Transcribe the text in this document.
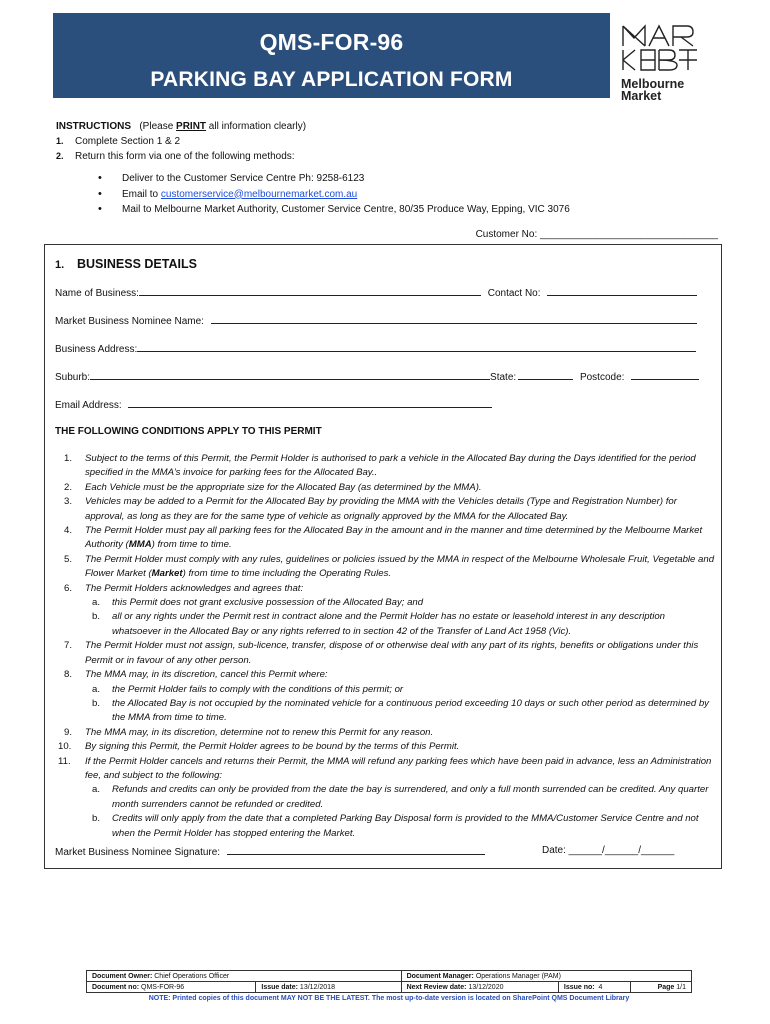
QMS-FOR-96
PARKING BAY APPLICATION FORM	Melbourne
Market
INSTRUCTIONS (Please PRINT all information clearly)
1. Complete Section 1 & 2
2. Return this form via one of the following methods:
• Deliver to the Customer Service Centre Ph: 9258-6123
• Email to customerservice@melbournemarket.com.au
• Mail to Melbourne Market Authority, Customer Service Centre, 80/35 Produce Way, Epping, VIC 3076
Customer No: ________________________________
1. BUSINESS DETAILS
Name of Business:	Contact No:
Market Business Nominee Name:
Business Address:
Suburb:	State:	Postcode:
Email Address:
THE FOLLOWING CONDITIONS APPLY TO THIS PERMIT
1. Subject to the terms of this Permit, the Permit Holder is authorised to park a vehicle in the Allocated Bay during the Days identified for the period specified in the MMA’s invoice for parking fees for the Allocated Bay..
2. Each Vehicle must be the appropriate size for the Allocated Bay (as determined by the MMA).
3. Vehicles may be added to a Permit for the Allocated Bay by providing the MMA with the Vehicles details (Type and Registration Number) for approval, as long as they are for the same type of vehicle as orignally approved by the MMA for the Allocated Bay.
4. The Permit Holder must pay all parking fees for the Allocated Bay in the amount and in the manner and time determined by the Melbourne Market Authority (MMA) from time to time.
5. The Permit Holder must comply with any rules, guidelines or policies issued by the MMA in respect of the Melbourne Wholesale Fruit, Vegetable and Flower Market (Market) from time to time including the Operating Rules.
6. The Permit Holders acknowledges and agrees that:
a. this Permit does not grant exclusive possession of the Allocated Bay; and
b. all or any rights under the Permit rest in contract alone and the Permit Holder has no estate or leasehold interest in any description whatsoever in the Allocated Bay or any rights referred to in section 42 of the Transfer of Land Act 1958 (Vic).
7. The Permit Holder must not assign, sub-licence, transfer, dispose of or otherwise deal with any part of its rights, benefits or obligations under this Permit or in favour of any other person.
8. The MMA may, in its discretion, cancel this Permit where:
a. the Permit Holder fails to comply with the conditions of this permit; or
b. the Allocated Bay is not occupied by the nominated vehicle for a continuous period exceeding 10 days or such other period as determined by the MMA from time to time.
9. The MMA may, in its discretion, determine not to renew this Permit for any reason.
10. By signing this Permit, the Permit Holder agrees to be bound by the terms of this Permit.
11. If the Permit Holder cancels and returns their Permit, the MMA will refund any parking fees which have been paid in advance, less an Administration fee, and subject to the following:
a. Refunds and credits can only be provided from the date the bay is surrendered, and only a full month surrended can be credited. Any quarter month surrenders cannot be refunded or credited.
b. Credits will only apply from the date that a completed Parking Bay Disposal form is provided to the MMA/Customer Service Centre and not when the Permit Holder has stopped entering the Market.
Market Business Nominee Signature:	Date: ______/______/______
Document Owner: Chief Operations Officer		Document Manager: Operations Manager (PAM)		
Document no: QMS-FOR-96	Issue date: 13/12/2018	Next Review date: 13/12/2020	Issue no: 4	Page 1/1
NOTE: Printed copies of this document MAY NOT BE THE LATEST. The most up-to-date version is located on SharePoint QMS Document Library
